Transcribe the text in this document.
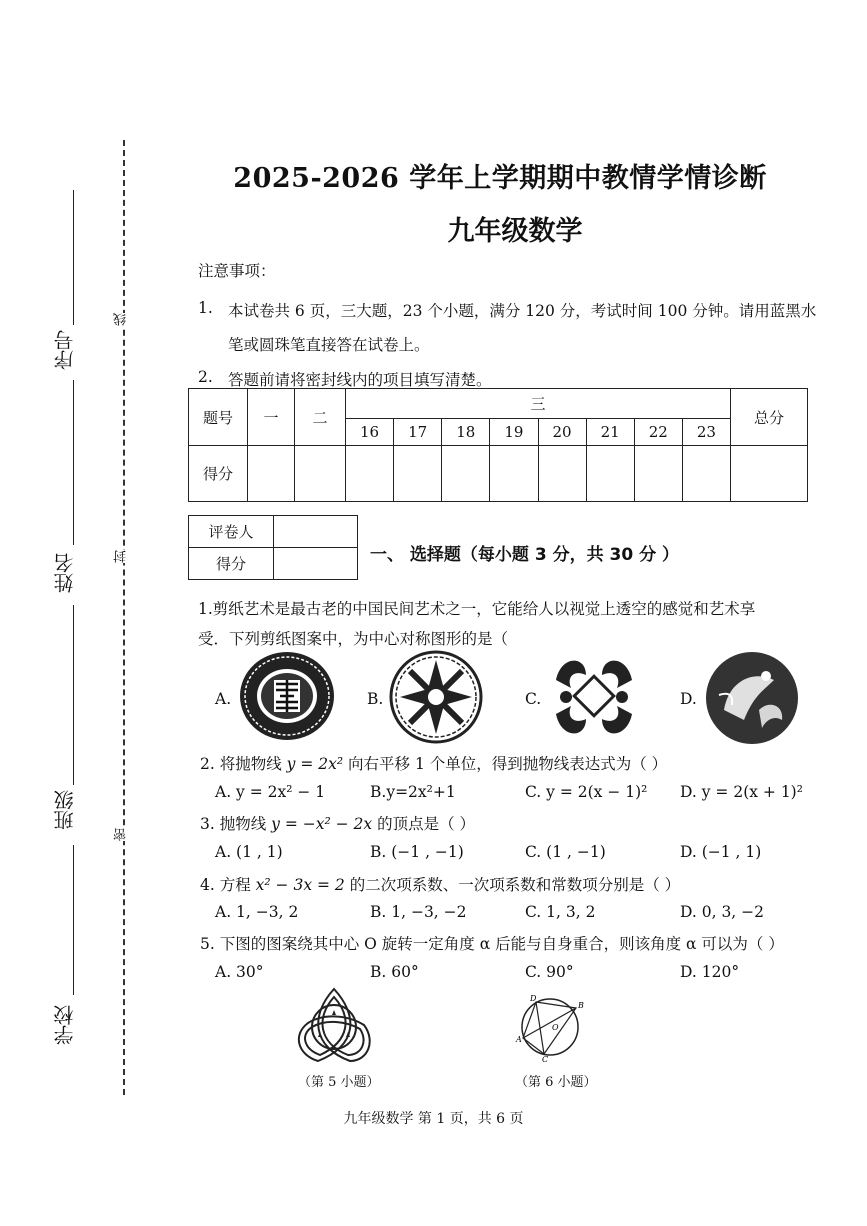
序号
姓名
班级
学校
线
封
密
2025-2026 学年上学期期中教情学情诊断
九年级数学
注意事项：
1. 本试卷共 6 页，三大题，23 个小题，满分 120 分，考试时间 100 分钟。请用蓝黑水
笔或圆珠笔直接答在试卷上。
2. 答题前请将密封线内的项目填写清楚。
题号	一	二	三								总分
			16	17	18	19	20	21	22	23	
得分											
评卷人	
得分		一、 选择题（每小题 3 分，共 30 分 ）
1.剪纸艺术是最古老的中国民间艺术之一，它能给人以视觉上透空的感觉和艺术享
受．下列剪纸图案中，为中心对称图形的是（
A.	B.	C.	D.
2. 将抛物线 y = 2x² 向右平移 1 个单位，得到抛物线表达式为（ ）
A. y = 2x² − 1	B.y=2x²+1	C. y = 2(x − 1)² D. y = 2(x + 1)²
3. 抛物线 y = −x² − 2x 的顶点是（ ）
A. (1 , 1)	B. (−1 , −1)	C. (1 , −1)	D. (−1 , 1)
4. 方程 x² − 3x = 2 的二次项系数、一次项系数和常数项分别是（ ）
A. 1, −3, 2	B. 1, −3, −2	C. 1, 3, 2	D. 0, 3, −2
5. 下图的图案绕其中心 O 旋转一定角度 α 后能与自身重合，则该角度 α 可以为（ ）
A. 30°	B. 60°	C. 90°	D. 120°
（第 5 小题）
D
B
O
A
C
（第 6 小题）
九年级数学 第 1 页，共 6 页
